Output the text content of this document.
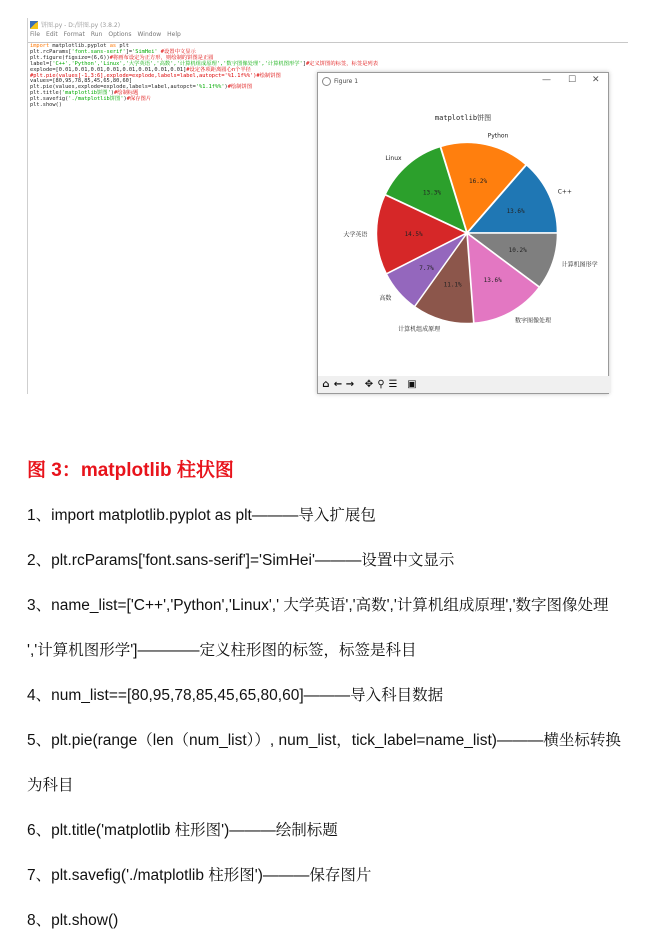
饼图.py - D:/饼图.py (3.8.2)
File Edit Format Run Options Window Help
import matplotlib.pyplot as plt
plt.rcParams['font.sans-serif']='SimHei' #设置中文显示
plt.figure(figsize=(6,6))#将画布设定为正方形，则绘制的饼图是正圆
label=['C++','Python','Linux','大学英语','高数','计算机组成原理','数字图像处理','计算机图形学']#定义饼图的标签，标签是列表
explode=[0.01,0.01,0.01,0.01,0.01,0.01,0.01,0.01]#设定各项距离圆心n个半径
#plt.pie(values[-1,3:6],explode=explode,labels=label,autopct='%1.1f%%')#绘制饼图
values=[80,95,78,85,45,65,80,60]
plt.pie(values,explode=explode,labels=label,autopct='%1.1f%%')#绘制饼图
plt.title('matplotlib饼图')#绘制标题
plt.savefig('./matplotlib饼图')#保存图片
plt.show()
Figure 1	— ☐ ✕
matplotlib饼图
13.6%
C++
16.2%
Python
13.3%
Linux
14.5%
大学英语
7.7%
高数
11.1%
计算机组成原理
13.6%
数字图像处理
10.2%
计算机图形学
⌂ ← → ✥ ⚲ ☰ ▣
图 3：matplotlib 柱状图
1、import matplotlib.pyplot as plt———导入扩展包
2、plt.rcParams['font.sans-serif']='SimHei'———设置中文显示
3、name_list=['C++','Python','Linux',' 大学英语','高数','计算机组成原理','数字图像处理
','计算机图形学']————定义柱形图的标签，标签是科目
4、num_list==[80,95,78,85,45,65,80,60]———导入科目数据
5、plt.pie(range（len（num_list））, num_list，tick_label=name_list)———横坐标转换
为科目
6、plt.title('matplotlib 柱形图')———绘制标题
7、plt.savefig('./matplotlib 柱形图')———保存图片
8、plt.show()
